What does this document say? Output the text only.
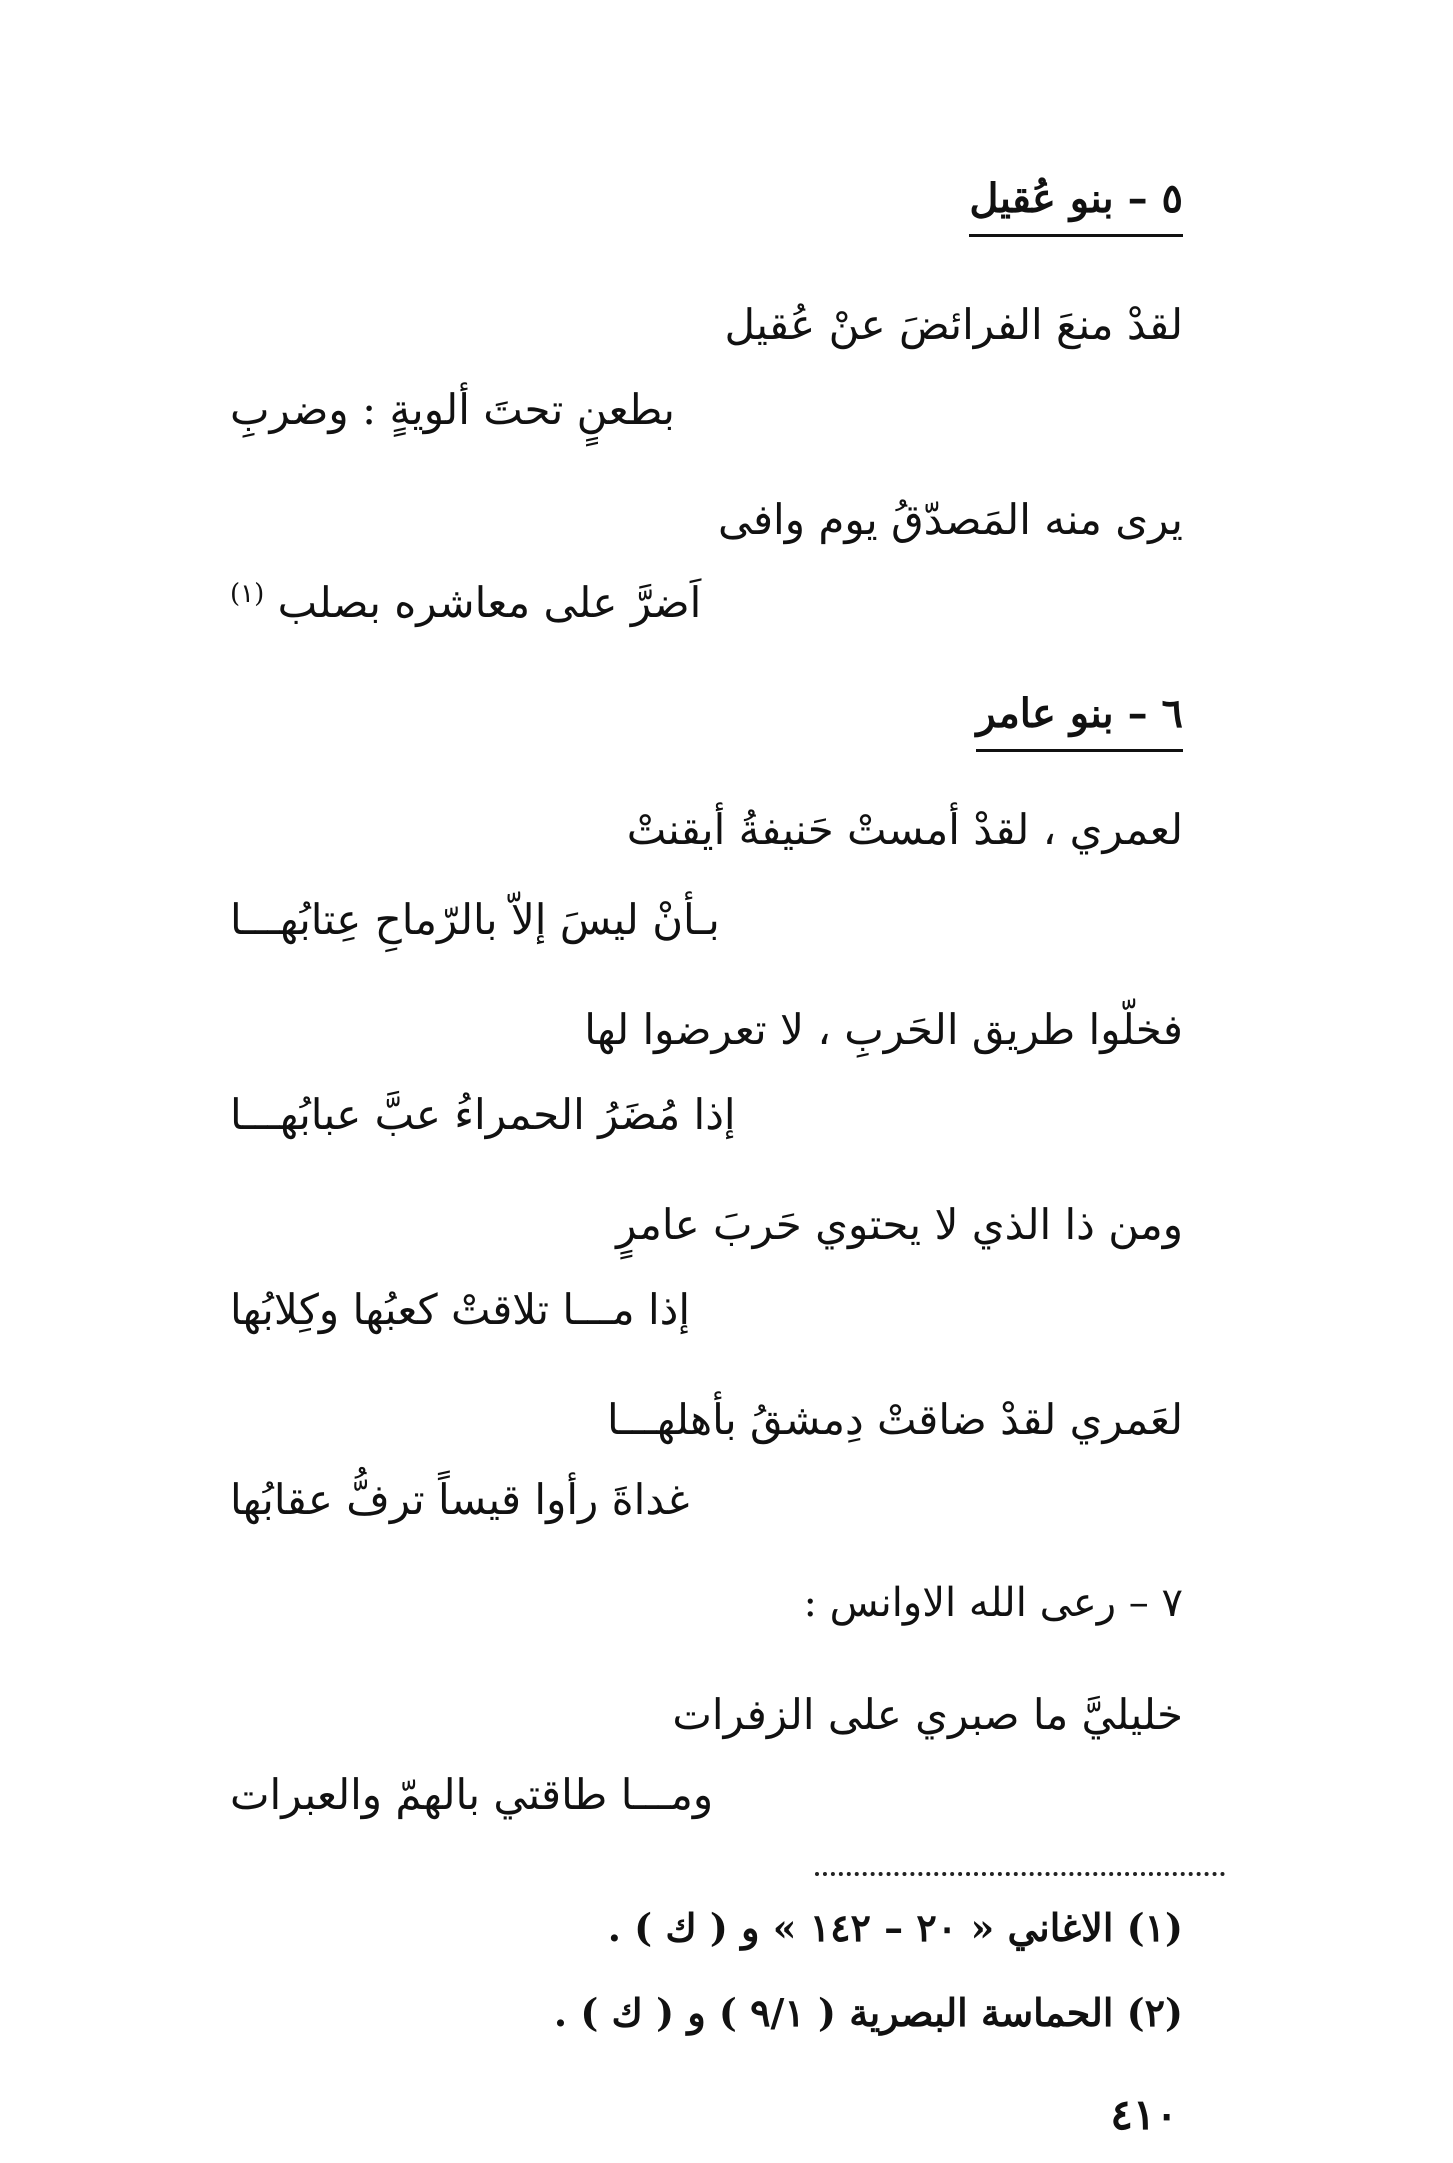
٥ – بنو عُقيل
لقدْ منعَ الفرائضَ عنْ عُقيل
بطعنٍ تحتَ ألويةٍ : وضربِ
يرى منه المَصدّقُ يوم وافى
اَضرَّ على معاشره بصلب $^{(١)}$
٦ – بنو عامر
لعمري ، لقدْ أمستْ حَنيفةُ أيقنتْ
بـأنْ ليسَ إلاّ بالرّماحِ عِتابُهـــا
فخلّوا طريق الحَربِ ، لا تعرضوا لها
إذا مُضَرُ الحمراءُ عبَّ عبابُهـــا
ومن ذا الذي لا يحتوي حَربَ عامرٍ
إذا مـــا تلاقتْ كعبُها وكِلابُها
لعَمري لقدْ ضاقتْ دِمشقُ بأهلهـــا
غداةَ رأوا قيساً ترفُّ عقابُها
٧ – رعى الله الاوانس :
خليليَّ ما صبري على الزفرات
ومـــا طاقتي بالهمّ والعبرات
(١) الاغاني « ٢٠ – ١٤٢ » و ( ك ) .
(٢) الحماسة البصرية ( ٩/١ ) و ( ك ) .
٤١٠
